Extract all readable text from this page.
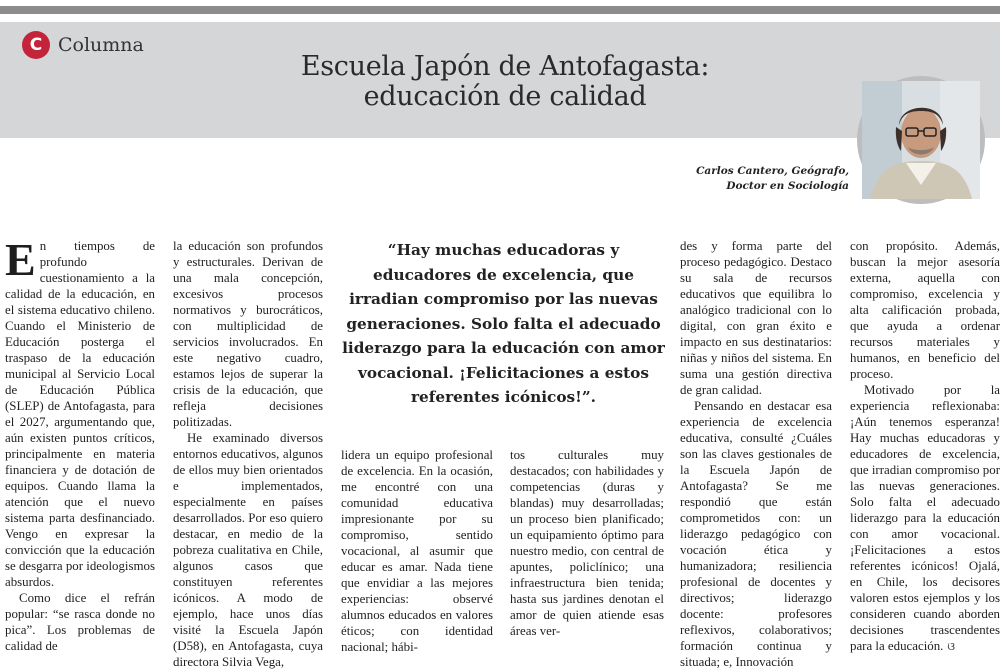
C Columna
Escuela Japón de Antofagasta:
educación de calidad
Carlos Cantero, Geógrafo,
Doctor en Sociología

En tiempos de profundo cuestionamiento a la calidad de la educación, en el sistema educativo chileno. Cuando el Ministerio de Educación posterga el traspaso de la educación municipal al Servicio Local de Educación Pública (SLEP) de Antofagasta, para el 2027, argumentando que, aún existen puntos críticos, principalmente en materia financiera y de dotación de equipos. Cuando llama la atención que el nuevo sistema parta desfinanciado. Vengo en expresar la convicción que la educación se desgarra por ideologismos absurdos.

Como dice el refrán popular: “se rasca donde no pica”. Los problemas de calidad de

la educación son profundos y estructurales. Derivan de una mala concepción, excesivos procesos normativos y burocráticos, con multiplicidad de servicios involucrados. En este negativo cuadro, estamos lejos de superar la crisis de la educación, que refleja decisiones politizadas.

He examinado diversos entornos educativos, algunos de ellos muy bien orientados e implementados, especialmente en países desarrollados. Por eso quiero destacar, en medio de la pobreza cualitativa en Chile, algunos casos que constituyen referentes icónicos. A modo de ejemplo, hace unos días visité la Escuela Japón (D58), en Antofagasta, cuya directora Silvia Vega,

“Hay muchas educadoras y educadores de excelencia, que irradian compromiso por las nuevas generaciones. Solo falta el adecuado liderazgo para la educación con amor vocacional. ¡Felicitaciones a estos referentes icónicos!”.

lidera un equipo profesional de excelencia. En la ocasión, me encontré con una comunidad educativa impresionante por su compromiso, sentido vocacional, al asumir que educar es amar. Nada tiene que envidiar a las mejores experiencias: observé alumnos educados en valores éticos; con identidad nacional; hábi-

tos culturales muy destacados; con habilidades y competencias (duras y blandas) muy desarrolladas; un proceso bien planificado; un equipamiento óptimo para nuestro medio, con central de apuntes, policlínico; una infraestructura bien tenida; hasta sus jardines denotan el amor de quien atiende esas áreas ver-

des y forma parte del proceso pedagógico. Destaco su sala de recursos educativos que equilibra lo analógico tradicional con lo digital, con gran éxito e impacto en sus destinatarios: niñas y niños del sistema. En suma una gestión directiva de gran calidad.

Pensando en destacar esa experiencia de excelencia educativa, consulté ¿Cuáles son las claves gestionales de la Escuela Japón de Antofagasta? Se me respondió que están comprometidos con: un liderazgo pedagógico con vocación ética y humanizadora; resiliencia profesional de docentes y directivos; liderazgo docente: profesores reflexivos, colaborativos; formación continua y situada; e, Innovación

con propósito. Además, buscan la mejor asesoría externa, aquella con compromiso, excelencia y alta calificación probada, que ayuda a ordenar recursos materiales y humanos, en beneficio del proceso.

Motivado por la experiencia reflexionaba: ¡Aún tenemos esperanza! Hay muchas educadoras y educadores de excelencia, que irradian compromiso por las nuevas generaciones. Solo falta el adecuado liderazgo para la educación con amor vocacional. ¡Felicitaciones a estos referentes icónicos! Ojalá, en Chile, los decisores valoren estos ejemplos y los consideren cuando aborden decisiones trascendentes para la educación. ଓ
